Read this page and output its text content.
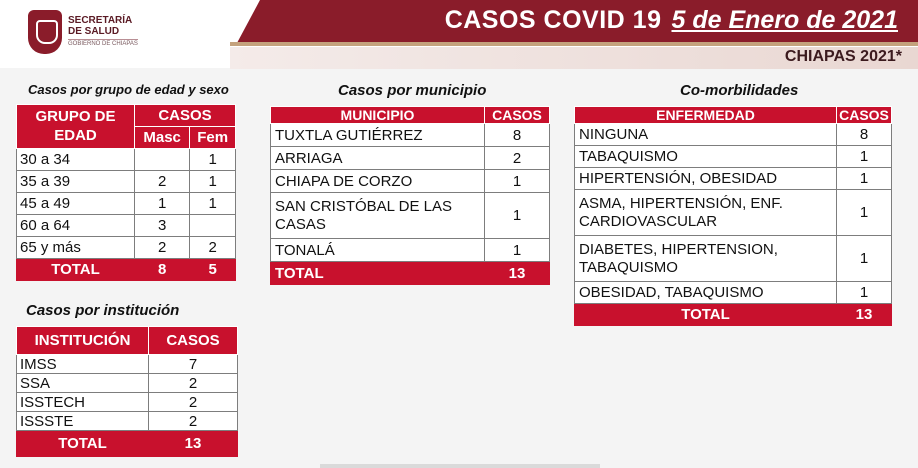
SECRETARÍA
DE SALUD
GOBIERNO DE CHIAPAS
CASOS COVID 19 5 de Enero de 2021
CHIAPAS 2021*
Casos por grupo de edad y sexo
GRUPO DE EDAD	CASOS	
	Masc	Fem
30 a 34		1
35 a 39	2	1
45 a 49	1	1
60 a 64	3	
65 y más	2	2
TOTAL	8	5
Casos por municipio
MUNICIPIO	CASOS
TUXTLA GUTIÉRREZ	8
ARRIAGA	2
CHIAPA DE CORZO	1
SAN CRISTÓBAL DE LAS CASAS	1
TONALÁ	1
TOTAL	13
Co-morbilidades
ENFERMEDAD	CASOS
NINGUNA	8
TABAQUISMO	1
HIPERTENSIÓN, OBESIDAD	1
ASMA, HIPERTENSIÓN, ENF. CARDIOVASCULAR	1
DIABETES, HIPERTENSION, TABAQUISMO	1
OBESIDAD, TABAQUISMO	1
TOTAL	13
Casos por institución
INSTITUCIÓN	CASOS
IMSS	7
SSA	2
ISSTECH	2
ISSSTE	2
TOTAL	13
